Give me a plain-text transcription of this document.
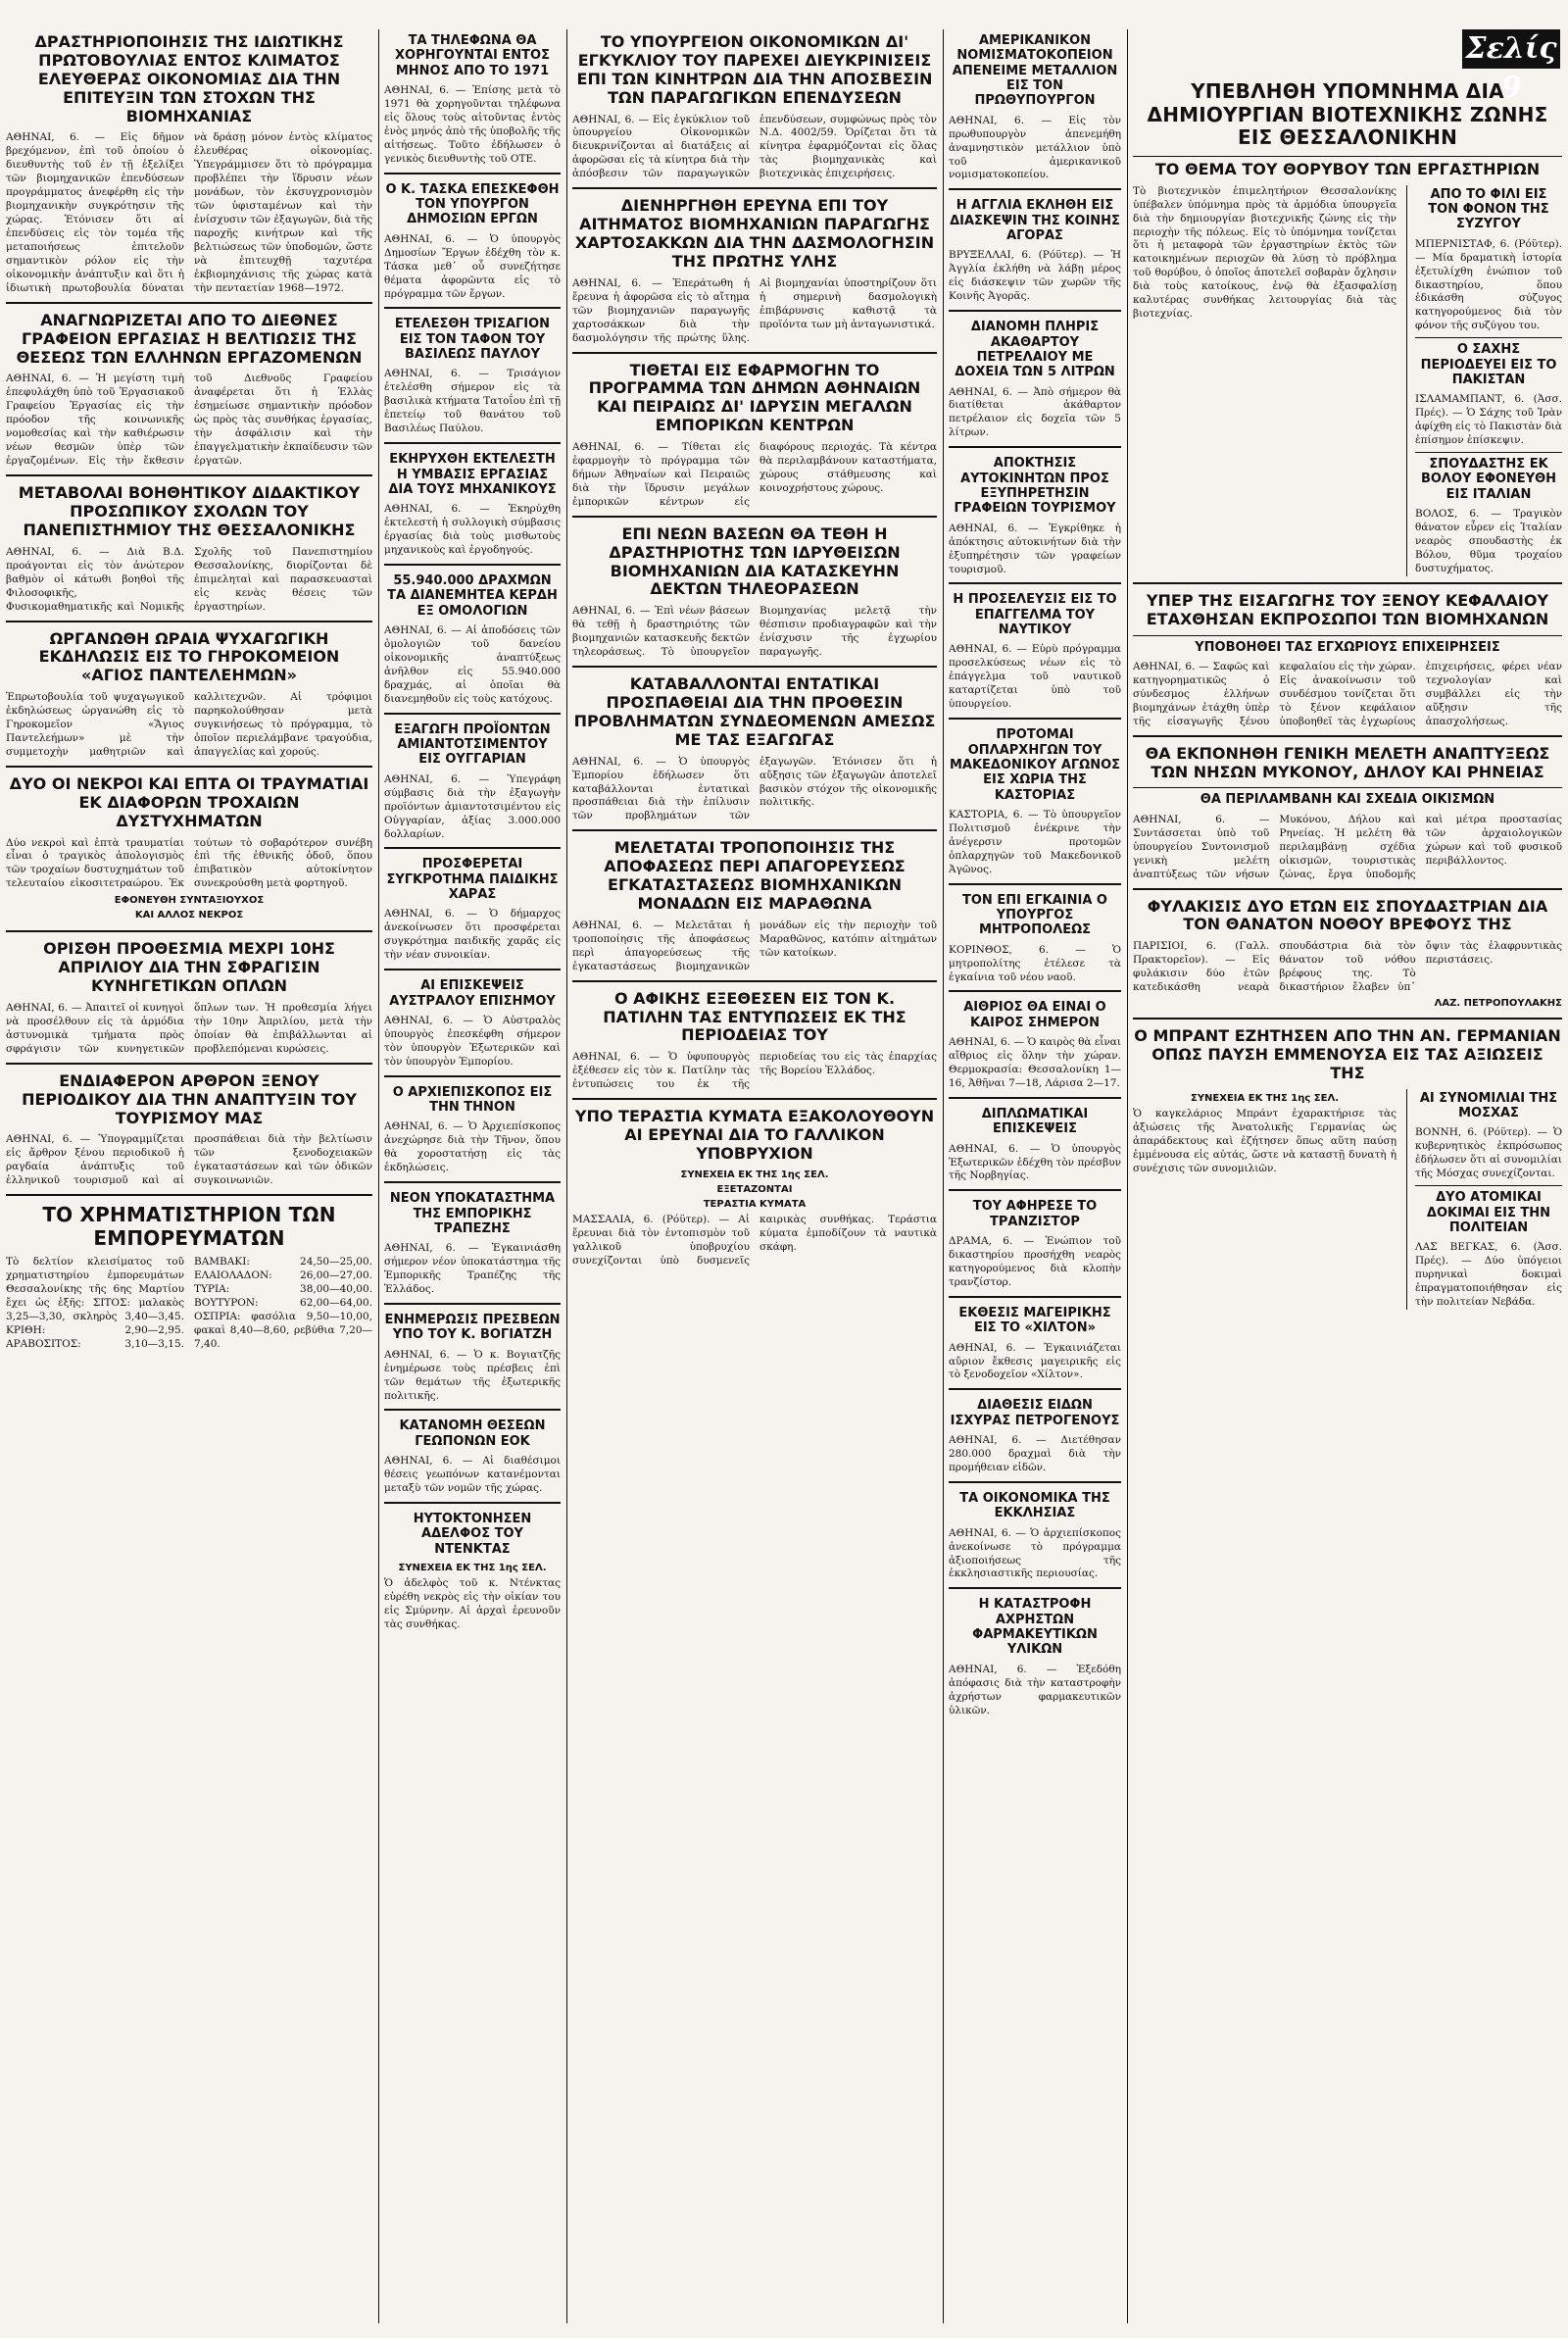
Σελίς 9
ΔΡΑΣΤΗΡΙΟΠΟΙΗΣΙΣ ΤΗΣ ΙΔΙΩΤΙΚΗΣ ΠΡΩΤΟΒΟΥΛΙΑΣ ΕΝΤΟΣ ΚΛΙΜΑΤΟΣ ΕΛΕΥΘΕΡΑΣ ΟΙΚΟΝΟΜΙΑΣ ΔΙΑ ΤΗΝ ΕΠΙΤΕΥΞΙΝ ΤΩΝ ΣΤΟΧΩΝ ΤΗΣ ΒΙΟΜΗΧΑΝΙΑΣ

ΑΘΗΝΑΙ, 6. — Εἰς δῆμον βρεχόμενον, ἐπὶ τοῦ ὁποίου ὁ διευθυντὴς τοῦ ἐν τῇ ἐξελίξει τῶν βιομηχανικῶν ἐπενδύσεων προγράμματος ἀνεφέρθη εἰς τὴν βιομηχανικὴν συγκρότησιν τῆς χώρας. Ἐτόνισεν ὅτι αἱ ἐπενδύσεις εἰς τὸν τομέα τῆς μεταποιήσεως ἐπιτελοῦν σημαντικὸν ρόλον εἰς τὴν οἰκονομικὴν ἀνάπτυξιν καὶ ὅτι ἡ ἰδιωτικὴ πρωτοβουλία δύναται νὰ δράσῃ μόνον ἐντὸς κλίματος ἐλευθέρας οἰκονομίας. Ὑπεγράμμισεν ὅτι τὸ πρόγραμμα προβλέπει τὴν ἵδρυσιν νέων μονάδων, τὸν ἐκσυγχρονισμὸν τῶν ὑφισταμένων καὶ τὴν ἐνίσχυσιν τῶν ἐξαγωγῶν, διὰ τῆς παροχῆς κινήτρων καὶ τῆς βελτιώσεως τῶν ὑποδομῶν, ὥστε νὰ ἐπιτευχθῇ ταχυτέρα ἐκβιομηχάνισις τῆς χώρας κατὰ τὴν πενταετίαν 1968—1972.

ΑΝΑΓΝΩΡΙΖΕΤΑΙ ΑΠΟ ΤΟ ΔΙΕΘΝΕΣ ΓΡΑΦΕΙΟΝ ΕΡΓΑΣΙΑΣ Η ΒΕΛΤΙΩΣΙΣ ΤΗΣ ΘΕΣΕΩΣ ΤΩΝ ΕΛΛΗΝΩΝ ΕΡΓΑΖΟΜΕΝΩΝ

ΑΘΗΝΑΙ, 6. — Ἡ μεγίστη τιμὴ ἐπεφυλάχθη ὑπὸ τοῦ Ἐργασιακοῦ Γραφείου Ἐργασίας εἰς τὴν πρόοδον τῆς κοινωνικῆς νομοθεσίας καὶ τὴν καθιέρωσιν νέων θεσμῶν ὑπὲρ τῶν ἐργαζομένων. Εἰς τὴν ἔκθεσιν τοῦ Διεθνοῦς Γραφείου ἀναφέρεται ὅτι ἡ Ἑλλὰς ἐσημείωσε σημαντικὴν πρόοδον ὡς πρὸς τὰς συνθήκας ἐργασίας, τὴν ἀσφάλισιν καὶ τὴν ἐπαγγελματικὴν ἐκπαίδευσιν τῶν ἐργατῶν.

ΜΕΤΑΒΟΛΑΙ ΒΟΗΘΗΤΙΚΟΥ ΔΙΔΑΚΤΙΚΟΥ ΠΡΟΣΩΠΙΚΟΥ ΣΧΟΛΩΝ ΤΟΥ ΠΑΝΕΠΙΣΤΗΜΙΟΥ ΤΗΣ ΘΕΣΣΑΛΟΝΙΚΗΣ

ΑΘΗΝΑΙ, 6. — Διὰ Β.Δ. προάγονται εἰς τὸν ἀνώτερον βαθμὸν οἱ κάτωθι βοηθοὶ τῆς Φιλοσοφικῆς, Φυσικομαθηματικῆς καὶ Νομικῆς Σχολῆς τοῦ Πανεπιστημίου Θεσσαλονίκης, διορίζονται δὲ ἐπιμεληταὶ καὶ παρασκευασταὶ εἰς κενὰς θέσεις τῶν ἐργαστηρίων.

ΩΡΓΑΝΩΘΗ ΩΡΑΙΑ ΨΥΧΑΓΩΓΙΚΗ ΕΚΔΗΛΩΣΙΣ ΕΙΣ ΤΟ ΓΗΡΟΚΟΜΕΙΟΝ «ΑΓΙΟΣ ΠΑΝΤΕΛΕΗΜΩΝ»

Ἐπρωτοβουλία τοῦ ψυχαγωγικοῦ ἐκδηλώσεως ὠργανώθη εἰς τὸ Γηροκομεῖον «Ἅγιος Παντελεήμων» μὲ τὴν συμμετοχὴν μαθητριῶν καὶ καλλιτεχνῶν. Αἱ τρόφιμοι παρηκολούθησαν μετὰ συγκινήσεως τὸ πρόγραμμα, τὸ ὁποῖον περιελάμβανε τραγούδια, ἀπαγγελίας καὶ χορούς.

ΔΥΟ ΟΙ ΝΕΚΡΟΙ ΚΑΙ ΕΠΤΑ ΟΙ ΤΡΑΥΜΑΤΙΑΙ ΕΚ ΔΙΑΦΟΡΩΝ ΤΡΟΧΑΙΩΝ ΔΥΣΤΥΧΗΜΑΤΩΝ

Δύο νεκροὶ καὶ ἑπτὰ τραυματίαι εἶναι ὁ τραγικὸς ἀπολογισμὸς τῶν τροχαίων δυστυχημάτων τοῦ τελευταίου εἰκοσιτετραώρου. Ἐκ τούτων τὸ σοβαρότερον συνέβη ἐπὶ τῆς ἐθνικῆς ὁδοῦ, ὅπου ἐπιβατικὸν αὐτοκίνητον συνεκρούσθη μετὰ φορτηγοῦ.

ΕΦΟΝΕΥΘΗ ΣΥΝΤΑΞΙΟΥΧΟΣ
ΚΑΙ ΑΛΛΟΣ ΝΕΚΡΟΣ
ΟΡΙΣΘΗ ΠΡΟΘΕΣΜΙΑ ΜΕΧΡΙ 10ΗΣ ΑΠΡΙΛΙΟΥ ΔΙΑ ΤΗΝ ΣΦΡΑΓΙΣΙΝ ΚΥΝΗΓΕΤΙΚΩΝ ΟΠΛΩΝ

ΑΘΗΝΑΙ, 6. — Ἀπαιτεῖ οἱ κυνηγοὶ νὰ προσέλθουν εἰς τὰ ἁρμόδια ἀστυνομικὰ τμήματα πρὸς σφράγισιν τῶν κυνηγετικῶν ὅπλων των. Ἡ προθεσμία λήγει τὴν 10ην Ἀπριλίου, μετὰ τὴν ὁποίαν θὰ ἐπιβάλλωνται αἱ προβλεπόμεναι κυρώσεις.

ΕΝΔΙΑΦΕΡΟΝ ΑΡΘΡΟΝ ΞΕΝΟΥ ΠΕΡΙΟΔΙΚΟΥ ΔΙΑ ΤΗΝ ΑΝΑΠΤΥΞΙΝ ΤΟΥ ΤΟΥΡΙΣΜΟΥ ΜΑΣ

ΑΘΗΝΑΙ, 6. — Ὑπογραμμίζεται εἰς ἄρθρον ξένου περιοδικοῦ ἡ ραγδαία ἀνάπτυξις τοῦ ἑλληνικοῦ τουρισμοῦ καὶ αἱ προσπάθειαι διὰ τὴν βελτίωσιν τῶν ξενοδοχειακῶν ἐγκαταστάσεων καὶ τῶν ὁδικῶν συγκοινωνιῶν.

ΤΟ ΧΡΗΜΑΤΙΣΤΗΡΙΟΝ ΤΩΝ ΕΜΠΟΡΕΥΜΑΤΩΝ

Τὸ δελτίον κλεισίματος τοῦ χρηματιστηρίου ἐμπορευμάτων Θεσσαλονίκης τῆς 6ης Μαρτίου ἔχει ὡς ἑξῆς: ΣΙΤΟΣ: μαλακὸς 3,25—3,30, σκληρὸς 3,40—3,45. ΚΡΙΘΗ: 2,90—2,95. ΑΡΑΒΟΣΙΤΟΣ: 3,10—3,15. ΒΑΜΒΑΚΙ: 24,50—25,00. ΕΛΑΙΟΛΑΔΟΝ: 26,00—27,00. ΤΥΡΙΑ: 38,00—40,00. ΒΟΥΤΥΡΟΝ: 62,00—64,00. ΟΣΠΡΙΑ: φασόλια 9,50—10,00, φακαὶ 8,40—8,60, ρεβύθια 7,20—7,40.

ΤΑ ΤΗΛΕΦΩΝΑ ΘΑ ΧΟΡΗΓΟΥΝΤΑΙ ΕΝΤΟΣ ΜΗΝΟΣ ΑΠΟ ΤΟ 1971

ΑΘΗΝΑΙ, 6. — Ἐπίσης μετὰ τὸ 1971 θὰ χορηγοῦνται τηλέφωνα εἰς ὅλους τοὺς αἰτοῦντας ἐντὸς ἑνὸς μηνός ἀπὸ τῆς ὑποβολῆς τῆς αἰτήσεως. Τοῦτο ἐδήλωσεν ὁ γενικὸς διευθυντὴς τοῦ ΟΤΕ.

Ο Κ. ΤΑΣΚΑ ΕΠΕΣΚΕΦΘΗ ΤΟΝ ΥΠΟΥΡΓΟΝ ΔΗΜΟΣΙΩΝ ΕΡΓΩΝ

ΑΘΗΝΑΙ, 6. — Ὁ ὑπουργὸς Δημοσίων Ἔργων ἐδέχθη τὸν κ. Τάσκα μεθ᾽ οὗ συνεζήτησε θέματα ἀφορῶντα εἰς τὸ πρόγραμμα τῶν ἔργων.

ΕΤΕΛΕΣΘΗ ΤΡΙΣΑΓΙΟΝ ΕΙΣ ΤΟΝ ΤΑΦΟΝ ΤΟΥ ΒΑΣΙΛΕΩΣ ΠΑΥΛΟΥ

ΑΘΗΝΑΙ, 6. — Τρισάγιον ἐτελέσθη σήμερον εἰς τὰ βασιλικὰ κτήματα Τατοΐου ἐπὶ τῇ ἐπετείῳ τοῦ θανάτου τοῦ Βασιλέως Παύλου.

ΕΚΗΡΥΧΘΗ ΕΚΤΕΛΕΣΤΗ Η ΥΜΒΑΣΙΣ ΕΡΓΑΣΙΑΣ ΔΙΑ ΤΟΥΣ ΜΗΧΑΝΙΚΟΥΣ

ΑΘΗΝΑΙ, 6. — Ἐκηρύχθη ἐκτελεστὴ ἡ συλλογικὴ σύμβασις ἐργασίας διὰ τοὺς μισθωτοὺς μηχανικοὺς καὶ ἐργοδηγούς.

55.940.000 ΔΡΑΧΜΩΝ ΤΑ ΔΙΑΝΕΜΗΤΕΑ ΚΕΡΔΗ ΕΞ ΟΜΟΛΟΓΙΩΝ

ΑΘΗΝΑΙ, 6. — Αἱ ἀποδόσεις τῶν ὁμολογιῶν τοῦ δανείου οἰκονομικῆς ἀναπτύξεως ἀνῆλθον εἰς 55.940.000 δραχμάς, αἱ ὁποῖαι θὰ διανεμηθοῦν εἰς τοὺς κατόχους.

ΕΞΑΓΩΓΗ ΠΡΟΪΟΝΤΩΝ ΑΜΙΑΝΤΟΤΣΙΜΕΝΤΟΥ ΕΙΣ ΟΥΓΓΑΡΙΑΝ

ΑΘΗΝΑΙ, 6. — Ὑπεγράφη σύμβασις διὰ τὴν ἐξαγωγὴν προϊόντων ἀμιαντοτσιμέντου εἰς Οὐγγαρίαν, ἀξίας 3.000.000 δολλαρίων.

ΠΡΟΣΦΕΡΕΤΑΙ ΣΥΓΚΡΟΤΗΜΑ ΠΑΙΔΙΚΗΣ ΧΑΡΑΣ

ΑΘΗΝΑΙ, 6. — Ὁ δήμαρχος ἀνεκοίνωσεν ὅτι προσφέρεται συγκρότημα παιδικῆς χαρᾶς εἰς τὴν νέαν συνοικίαν.

ΑΙ ΕΠΙΣΚΕΨΕΙΣ ΑΥΣΤΡΑΛΟΥ ΕΠΙΣΗΜΟΥ

ΑΘΗΝΑΙ, 6. — Ὁ Αὐστραλὸς ὑπουργὸς ἐπεσκέφθη σήμερον τὸν ὑπουργὸν Ἐξωτερικῶν καὶ τὸν ὑπουργὸν Ἐμπορίου.

Ο ΑΡΧΙΕΠΙΣΚΟΠΟΣ ΕΙΣ ΤΗΝ ΤΗΝΟΝ

ΑΘΗΝΑΙ, 6. — Ὁ Ἀρχιεπίσκοπος ἀνεχώρησε διὰ τὴν Τῆνον, ὅπου θὰ χοροστατήσῃ εἰς τὰς ἐκδηλώσεις.

ΝΕΟΝ ΥΠΟΚΑΤΑΣΤΗΜΑ ΤΗΣ ΕΜΠΟΡΙΚΗΣ ΤΡΑΠΕΖΗΣ

ΑΘΗΝΑΙ, 6. — Ἐγκαινιάσθη σήμερον νέον ὑποκατάστημα τῆς Ἐμπορικῆς Τραπέζης τῆς Ἑλλάδος.

ΕΝΗΜΕΡΩΣΙΣ ΠΡΕΣΒΕΩΝ ΥΠΟ ΤΟΥ Κ. ΒΟΓΙΑΤΖΗ

ΑΘΗΝΑΙ, 6. — Ὁ κ. Βογιατζῆς ἐνημέρωσε τοὺς πρέσβεις ἐπὶ τῶν θεμάτων τῆς ἐξωτερικῆς πολιτικῆς.

ΚΑΤΑΝΟΜΗ ΘΕΣΕΩΝ ΓΕΩΠΟΝΩΝ ΕΟΚ

ΑΘΗΝΑΙ, 6. — Αἱ διαθέσιμοι θέσεις γεωπόνων κατανέμονται μεταξὺ τῶν νομῶν τῆς χώρας.

ΗΥΤΟΚΤΟΝΗΣΕΝ ΑΔΕΛΦΟΣ ΤΟΥ ΝΤΕΝΚΤΑΣ
ΣΥΝΕΧΕΙΑ ΕΚ ΤΗΣ 1ης ΣΕΛ.

Ὁ ἀδελφὸς τοῦ κ. Ντένκτας εὑρέθη νεκρὸς εἰς τὴν οἰκίαν του εἰς Σμύρνην. Αἱ ἀρχαὶ ἐρευνοῦν τὰς συνθήκας.

ΤΟ ΥΠΟΥΡΓΕΙΟΝ ΟΙΚΟΝΟΜΙΚΩΝ ΔΙ' ΕΓΚΥΚΛΙΟΥ ΤΟΥ ΠΑΡΕΧΕΙ ΔΙΕΥΚΡΙΝΙΣΕΙΣ ΕΠΙ ΤΩΝ ΚΙΝΗΤΡΩΝ ΔΙΑ ΤΗΝ ΑΠΟΣΒΕΣΙΝ ΤΩΝ ΠΑΡΑΓΩΓΙΚΩΝ ΕΠΕΝΔΥΣΕΩΝ

ΑΘΗΝΑΙ, 6. — Εἰς ἐγκύκλιον τοῦ ὑπουργείου Οἰκονομικῶν διευκρινίζονται αἱ διατάξεις αἱ ἀφορῶσαι εἰς τὰ κίνητρα διὰ τὴν ἀπόσβεσιν τῶν παραγωγικῶν ἐπενδύσεων, συμφώνως πρὸς τὸν Ν.Δ. 4002/59. Ὁρίζεται ὅτι τὰ κίνητρα ἐφαρμόζονται εἰς ὅλας τὰς βιομηχανικὰς καὶ βιοτεχνικὰς ἐπιχειρήσεις.

ΔΙΕΝΗΡΓΗΘΗ ΕΡΕΥΝΑ ΕΠΙ ΤΟΥ ΑΙΤΗΜΑΤΟΣ ΒΙΟΜΗΧΑΝΙΩΝ ΠΑΡΑΓΩΓΗΣ ΧΑΡΤΟΣΑΚΚΩΝ ΔΙΑ ΤΗΝ ΔΑΣΜΟΛΟΓΗΣΙΝ ΤΗΣ ΠΡΩΤΗΣ ΥΛΗΣ

ΑΘΗΝΑΙ, 6. — Ἐπεράτωθη ἡ ἔρευνα ἡ ἀφορῶσα εἰς τὸ αἴτημα τῶν βιομηχανιῶν παραγωγῆς χαρτοσάκκων διὰ τὴν δασμολόγησιν τῆς πρώτης ὕλης. Αἱ βιομηχανίαι ὑποστηρίζουν ὅτι ἡ σημερινὴ δασμολογικὴ ἐπιβάρυνσις καθιστᾷ τὰ προϊόντα των μὴ ἀνταγωνιστικά.

ΤΙΘΕΤΑΙ ΕΙΣ ΕΦΑΡΜΟΓΗΝ ΤΟ ΠΡΟΓΡΑΜΜΑ ΤΩΝ ΔΗΜΩΝ ΑΘΗΝΑΙΩΝ ΚΑΙ ΠΕΙΡΑΙΩΣ ΔΙ' ΙΔΡΥΣΙΝ ΜΕΓΑΛΩΝ ΕΜΠΟΡΙΚΩΝ ΚΕΝΤΡΩΝ

ΑΘΗΝΑΙ, 6. — Τίθεται εἰς ἐφαρμογὴν τὸ πρόγραμμα τῶν δήμων Ἀθηναίων καὶ Πειραιῶς διὰ τὴν ἵδρυσιν μεγάλων ἐμπορικῶν κέντρων εἰς διαφόρους περιοχάς. Τὰ κέντρα θὰ περιλαμβάνουν καταστήματα, χώρους στάθμευσης καὶ κοινοχρήστους χώρους.

ΕΠΙ ΝΕΩΝ ΒΑΣΕΩΝ ΘΑ ΤΕΘΗ Η ΔΡΑΣΤΗΡΙΟΤΗΣ ΤΩΝ ΙΔΡΥΘΕΙΣΩΝ ΒΙΟΜΗΧΑΝΙΩΝ ΔΙΑ ΚΑΤΑΣΚΕΥΗΝ ΔΕΚΤΩΝ ΤΗΛΕΟΡΑΣΕΩΝ

ΑΘΗΝΑΙ, 6. — Ἐπὶ νέων βάσεων θὰ τεθῇ ἡ δραστηριότης τῶν βιομηχανιῶν κατασκευῆς δεκτῶν τηλεοράσεως. Τὸ ὑπουργεῖον Βιομηχανίας μελετᾷ τὴν θέσπισιν προδιαγραφῶν καὶ τὴν ἐνίσχυσιν τῆς ἐγχωρίου παραγωγῆς.

ΚΑΤΑΒΑΛΛΟΝΤΑΙ ΕΝΤΑΤΙΚΑΙ ΠΡΟΣΠΑΘΕΙΑΙ ΔΙΑ ΤΗΝ ΠΡΟΘΕΣΙΝ ΠΡΟΒΛΗΜΑΤΩΝ ΣΥΝΔΕΟΜΕΝΩΝ ΑΜΕΣΩΣ ΜΕ ΤΑΣ ΕΞΑΓΩΓΑΣ

ΑΘΗΝΑΙ, 6. — Ὁ ὑπουργὸς Ἐμπορίου ἐδήλωσεν ὅτι καταβάλλονται ἐντατικαὶ προσπάθειαι διὰ τὴν ἐπίλυσιν τῶν προβλημάτων τῶν ἐξαγωγῶν. Ἐτόνισεν ὅτι ἡ αὔξησις τῶν ἐξαγωγῶν ἀποτελεῖ βασικὸν στόχον τῆς οἰκονομικῆς πολιτικῆς.

ΜΕΛΕΤΑΤΑΙ ΤΡΟΠΟΠΟΙΗΣΙΣ ΤΗΣ ΑΠΟΦΑΣΕΩΣ ΠΕΡΙ ΑΠΑΓΟΡΕΥΣΕΩΣ ΕΓΚΑΤΑΣΤΑΣΕΩΣ ΒΙΟΜΗΧΑΝΙΚΩΝ ΜΟΝΑΔΩΝ ΕΙΣ ΜΑΡΑΘΩΝΑ

ΑΘΗΝΑΙ, 6. — Μελετᾶται ἡ τροποποίησις τῆς ἀποφάσεως περὶ ἀπαγορεύσεως τῆς ἐγκαταστάσεως βιομηχανικῶν μονάδων εἰς τὴν περιοχὴν τοῦ Μαραθῶνος, κατόπιν αἰτημάτων τῶν κατοίκων.

Ο ΑΦΙΚΗΣ ΕΞΕΘΕΣΕΝ ΕΙΣ ΤΟΝ Κ. ΠΑΤΙΛΗΝ ΤΑΣ ΕΝΤΥΠΩΣΕΙΣ ΕΚ ΤΗΣ ΠΕΡΙΟΔΕΙΑΣ ΤΟΥ

ΑΘΗΝΑΙ, 6. — Ὁ ὑφυπουργὸς ἐξέθεσεν εἰς τὸν κ. Πατίλην τὰς ἐντυπώσεις του ἐκ τῆς περιοδείας του εἰς τὰς ἐπαρχίας τῆς Βορείου Ἑλλάδος.

ΥΠΟ ΤΕΡΑΣΤΙΑ ΚΥΜΑΤΑ ΕΞΑΚΟΛΟΥΘΟΥΝ ΑΙ ΕΡΕΥΝΑΙ ΔΙΑ ΤΟ ΓΑΛΛΙΚΟΝ ΥΠΟΒΡΥΧΙΟΝ
ΣΥΝΕΧΕΙΑ ΕΚ ΤΗΣ 1ης ΣΕΛ.
ΕΞΕΤΑΖΟΝΤΑΙ
ΤΕΡΑΣΤΙΑ ΚΥΜΑΤΑ

ΜΑΣΣΑΛΙΑ, 6. (Ρόϋτερ). — Αἱ ἔρευναι διὰ τὸν ἐντοπισμὸν τοῦ γαλλικοῦ ὑποβρυχίου συνεχίζονται ὑπὸ δυσμενεῖς καιρικὰς συνθήκας. Τεράστια κύματα ἐμποδίζουν τὰ ναυτικὰ σκάφη.

ΑΜΕΡΙΚΑΝΙΚΟΝ ΝΟΜΙΣΜΑΤΟΚΟΠΕΙΟΝ ΑΠΕΝΕΙΜΕ ΜΕΤΑΛΛΙΟΝ ΕΙΣ ΤΟΝ ΠΡΩΘΥΠΟΥΡΓΟΝ

ΑΘΗΝΑΙ, 6. — Εἰς τὸν πρωθυπουργὸν ἀπενεμήθη ἀναμνηστικὸν μετάλλιον ὑπὸ τοῦ ἀμερικανικοῦ νομισματοκοπείου.

Η ΑΓΓΛΙΑ ΕΚΛΗΘΗ ΕΙΣ ΔΙΑΣΚΕΨΙΝ ΤΗΣ ΚΟΙΝΗΣ ΑΓΟΡΑΣ

ΒΡΥΞΕΛΛΑΙ, 6. (Ρόϋτερ). — Ἡ Ἀγγλία ἐκλήθη νὰ λάβῃ μέρος εἰς διάσκεψιν τῶν χωρῶν τῆς Κοινῆς Ἀγορᾶς.

ΔΙΑΝΟΜΗ ΠΛΗΡΙΣ ΑΚΑΘΑΡΤΟΥ ΠΕΤΡΕΛΑΙΟΥ ΜΕ ΔΟΧΕΙΑ ΤΩΝ 5 ΛΙΤΡΩΝ

ΑΘΗΝΑΙ, 6. — Ἀπὸ σήμερον θὰ διατίθεται ἀκάθαρτον πετρέλαιον εἰς δοχεῖα τῶν 5 λίτρων.

ΑΠΟΚΤΗΣΙΣ ΑΥΤΟΚΙΝΗΤΩΝ ΠΡΟΣ ΕΞΥΠΗΡΕΤΗΣΙΝ ΓΡΑΦΕΙΩΝ ΤΟΥΡΙΣΜΟΥ

ΑΘΗΝΑΙ, 6. — Ἐγκρίθηκε ἡ ἀπόκτησις αὐτοκινήτων διὰ τὴν ἐξυπηρέτησιν τῶν γραφείων τουρισμοῦ.

Η ΠΡΟΣΕΛΕΥΣΙΣ ΕΙΣ ΤΟ ΕΠΑΓΓΕΛΜΑ ΤΟΥ ΝΑΥΤΙΚΟΥ

ΑΘΗΝΑΙ, 6. — Εὐρὺ πρόγραμμα προσελκύσεως νέων εἰς τὸ ἐπάγγελμα τοῦ ναυτικοῦ καταρτίζεται ὑπὸ τοῦ ὑπουργείου.

ΠΡΟΤΟΜΑΙ ΟΠΛΑΡΧΗΓΩΝ ΤΟΥ ΜΑΚΕΔΟΝΙΚΟΥ ΑΓΩΝΟΣ ΕΙΣ ΧΩΡΙΑ ΤΗΣ ΚΑΣΤΟΡΙΑΣ

ΚΑΣΤΟΡΙΑ, 6. — Τὸ ὑπουργεῖον Πολιτισμοῦ ἐνέκρινε τὴν ἀνέγερσιν προτομῶν ὁπλαρχηγῶν τοῦ Μακεδονικοῦ Ἀγῶνος.

ΤΟΝ ΕΠΙ ΕΓΚΑΙΝΙΑ Ο ΥΠΟΥΡΓΟΣ ΜΗΤΡΟΠΟΛΕΩΣ

ΚΟΡΙΝΘΟΣ, 6. — Ὁ μητροπολίτης ἐτέλεσε τὰ ἐγκαίνια τοῦ νέου ναοῦ.

ΑΙΘΡΙΟΣ ΘΑ ΕΙΝΑΙ Ο ΚΑΙΡΟΣ ΣΗΜΕΡΟΝ

ΑΘΗΝΑΙ, 6. — Ὁ καιρὸς θὰ εἶναι αἴθριος εἰς ὅλην τὴν χώραν. Θερμοκρασία: Θεσσαλονίκη 1—16, Ἀθῆναι 7—18, Λάρισα 2—17.

ΔΙΠΛΩΜΑΤΙΚΑΙ ΕΠΙΣΚΕΨΕΙΣ

ΑΘΗΝΑΙ, 6. — Ὁ ὑπουργὸς Ἐξωτερικῶν ἐδέχθη τὸν πρέσβυν τῆς Νορβηγίας.

ΤΟΥ ΑΦΗΡΕΣΕ ΤΟ ΤΡΑΝΖΙΣΤΟΡ

ΔΡΑΜΑ, 6. — Ἐνώπιον τοῦ δικαστηρίου προσήχθη νεαρὸς κατηγορούμενος διὰ κλοπὴν τρανζίστορ.

ΕΚΘΕΣΙΣ ΜΑΓΕΙΡΙΚΗΣ ΕΙΣ ΤΟ «ΧΙΛΤΟΝ»

ΑΘΗΝΑΙ, 6. — Ἐγκαινιάζεται αὔριον ἔκθεσις μαγειρικῆς εἰς τὸ ξενοδοχεῖον «Χίλτον».

ΔΙΑΘΕΣΙΣ ΕΙΔΩΝ ΙΣΧΥΡΑΣ ΠΕΤΡΟΓΕΝΟΥΣ

ΑΘΗΝΑΙ, 6. — Διετέθησαν 280.000 δραχμαὶ διὰ τὴν προμήθειαν εἰδῶν.

ΤΑ ΟΙΚΟΝΟΜΙΚΑ ΤΗΣ ΕΚΚΛΗΣΙΑΣ

ΑΘΗΝΑΙ, 6. — Ὁ ἀρχιεπίσκοπος ἀνεκοίνωσε τὸ πρόγραμμα ἀξιοποιήσεως τῆς ἐκκλησιαστικῆς περιουσίας.

Η ΚΑΤΑΣΤΡΟΦΗ ΑΧΡΗΣΤΩΝ ΦΑΡΜΑΚΕΥΤΙΚΩΝ ΥΛΙΚΩΝ

ΑΘΗΝΑΙ, 6. — Ἐξεδόθη ἀπόφασις διὰ τὴν καταστροφὴν ἀχρήστων φαρμακευτικῶν ὑλικῶν.

ΥΠΕΒΛΗΘΗ ΥΠΟΜΝΗΜΑ ΔΙΑ ΔΗΜΙΟΥΡΓΙΑΝ ΒΙΟΤΕΧΝΙΚΗΣ ΖΩΝΗΣ ΕΙΣ ΘΕΣΣΑΛΟΝΙΚΗΝ
ΤΟ ΘΕΜΑ ΤΟΥ ΘΟΡΥΒΟΥ ΤΩΝ ΕΡΓΑΣΤΗΡΙΩΝ

Τὸ βιοτεχνικὸν ἐπιμελητήριον Θεσσαλονίκης ὑπέβαλεν ὑπόμνημα πρὸς τὰ ἁρμόδια ὑπουργεῖα διὰ τὴν δημιουργίαν βιοτεχνικῆς ζώνης εἰς τὴν περιοχὴν τῆς πόλεως. Εἰς τὸ ὑπόμνημα τονίζεται ὅτι ἡ μεταφορὰ τῶν ἐργαστηρίων ἐκτὸς τῶν κατοικημένων περιοχῶν θὰ λύσῃ τὸ πρόβλημα τοῦ θορύβου, ὁ ὁποῖος ἀποτελεῖ σοβαρὰν ὄχλησιν διὰ τοὺς κατοίκους, ἐνῷ θὰ ἐξασφαλίσῃ καλυτέρας συνθήκας λειτουργίας διὰ τὰς βιοτεχνίας.

ΑΠΟ ΤΟ ΦΙΛΙ ΕΙΣ ΤΟΝ ΦΟΝΟΝ ΤΗΣ ΣΥΖΥΓΟΥ

ΜΠΕΡΝΙΣΤΑΦ, 6. (Ρόϋτερ). — Μία δραματικὴ ἱστορία ἐξετυλίχθη ἐνώπιον τοῦ δικαστηρίου, ὅπου ἐδικάσθη σύζυγος κατηγορούμενος διὰ τὸν φόνον τῆς συζύγου του.

Ο ΣΑΧΗΣ ΠΕΡΙΟΔΕΥΕΙ ΕΙΣ ΤΟ ΠΑΚΙΣΤΑΝ

ΙΣΛΑΜΑΜΠΑΝΤ, 6. (Ἀσσ. Πρές). — Ὁ Σάχης τοῦ Ἰρὰν ἀφίχθη εἰς τὸ Πακιστὰν διὰ ἐπίσημον ἐπίσκεψιν.

ΣΠΟΥΔΑΣΤΗΣ ΕΚ ΒΟΛΟΥ ΕΦΟΝΕΥΘΗ ΕΙΣ ΙΤΑΛΙΑΝ

ΒΟΛΟΣ, 6. — Τραγικὸν θάνατον εὗρεν εἰς Ἰταλίαν νεαρὸς σπουδαστὴς ἐκ Βόλου, θῦμα τροχαίου δυστυχήματος.

ΥΠΕΡ ΤΗΣ ΕΙΣΑΓΩΓΗΣ ΤΟΥ ΞΕΝΟΥ ΚΕΦΑΛΑΙΟΥ ΕΤΑΧΘΗΣΑΝ ΕΚΠΡΟΣΩΠΟΙ ΤΩΝ ΒΙΟΜΗΧΑΝΩΝ
ΥΠΟΒΟΗΘΕΙ ΤΑΣ ΕΓΧΩΡΙΟΥΣ ΕΠΙΧΕΙΡΗΣΕΙΣ

ΑΘΗΝΑΙ, 6. — Σαφῶς καὶ κατηγορηματικῶς ὁ σύνδεσμος ἑλλήνων βιομηχάνων ἐτάχθη ὑπὲρ τῆς εἰσαγωγῆς ξένου κεφαλαίου εἰς τὴν χώραν. Εἰς ἀνακοίνωσιν τοῦ συνδέσμου τονίζεται ὅτι τὸ ξένον κεφάλαιον ὑποβοηθεῖ τὰς ἐγχωρίους ἐπιχειρήσεις, φέρει νέαν τεχνολογίαν καὶ συμβάλλει εἰς τὴν αὔξησιν τῆς ἀπασχολήσεως.

ΘΑ ΕΚΠΟΝΗΘΗ ΓΕΝΙΚΗ ΜΕΛΕΤΗ ΑΝΑΠΤΥΞΕΩΣ ΤΩΝ ΝΗΣΩΝ ΜΥΚΟΝΟΥ, ΔΗΛΟΥ ΚΑΙ ΡΗΝΕΙΑΣ
ΘΑ ΠΕΡΙΛΑΜΒΑΝΗ ΚΑΙ ΣΧΕΔΙΑ ΟΙΚΙΣΜΩΝ

ΑΘΗΝΑΙ, 6. — Συντάσσεται ὑπὸ τοῦ ὑπουργείου Συντονισμοῦ γενικὴ μελέτη ἀναπτύξεως τῶν νήσων Μυκόνου, Δήλου καὶ Ρηνείας. Ἡ μελέτη θὰ περιλαμβάνῃ σχέδια οἰκισμῶν, τουριστικὰς ζώνας, ἔργα ὑποδομῆς καὶ μέτρα προστασίας τῶν ἀρχαιολογικῶν χώρων καὶ τοῦ φυσικοῦ περιβάλλοντος.

ΦΥΛΑΚΙΣΙΣ ΔΥΟ ΕΤΩΝ ΕΙΣ ΣΠΟΥΔΑΣΤΡΙΑΝ ΔΙΑ ΤΟΝ ΘΑΝΑΤΟΝ ΝΟΘΟΥ ΒΡΕΦΟΥΣ ΤΗΣ

ΠΑΡΙΣΙΟΙ, 6. (Γαλλ. Πρακτορεῖον). — Εἰς φυλάκισιν δύο ἐτῶν κατεδικάσθη νεαρὰ σπουδάστρια διὰ τὸν θάνατον τοῦ νόθου βρέφους της. Τὸ δικαστήριον ἔλαβεν ὑπ᾽ ὄψιν τὰς ἐλαφρυντικὰς περιστάσεις.

ΛΑΖ. ΠΕΤΡΟΠΟΥΛΑΚΗΣ
Ο ΜΠΡΑΝΤ ΕΖΗΤΗΣΕΝ ΑΠΟ ΤΗΝ ΑΝ. ΓΕΡΜΑΝΙΑΝ ΟΠΩΣ ΠΑΥΣΗ ΕΜΜΕΝΟΥΣΑ ΕΙΣ ΤΑΣ ΑΞΙΩΣΕΙΣ ΤΗΣ
ΣΥΝΕΧΕΙΑ ΕΚ ΤΗΣ 1ης ΣΕΛ.

Ὁ καγκελάριος Μπράντ ἐχαρακτήρισε τὰς ἀξιώσεις τῆς Ἀνατολικῆς Γερμανίας ὡς ἀπαράδεκτους καὶ ἐζήτησεν ὅπως αὕτη παύσῃ ἐμμένουσα εἰς αὐτάς, ὥστε νὰ καταστῇ δυνατὴ ἡ συνέχισις τῶν συνομιλιῶν.

ΑΙ ΣΥΝΟΜΙΛΙΑΙ ΤΗΣ ΜΟΣΧΑΣ

ΒΟΝΝΗ, 6. (Ρόϋτερ). — Ὁ κυβερνητικὸς ἐκπρόσωπος ἐδήλωσεν ὅτι αἱ συνομιλίαι τῆς Μόσχας συνεχίζονται.

ΔΥΟ ΑΤΟΜΙΚΑΙ ΔΟΚΙΜΑΙ ΕΙΣ ΤΗΝ ΠΟΛΙΤΕΙΑΝ

ΛΑΣ ΒΕΓΚΑΣ, 6. (Ἀσσ. Πρές). — Δύο ὑπόγειοι πυρηνικαὶ δοκιμαὶ ἐπραγματοποιήθησαν εἰς τὴν πολιτείαν Νεβάδα.
